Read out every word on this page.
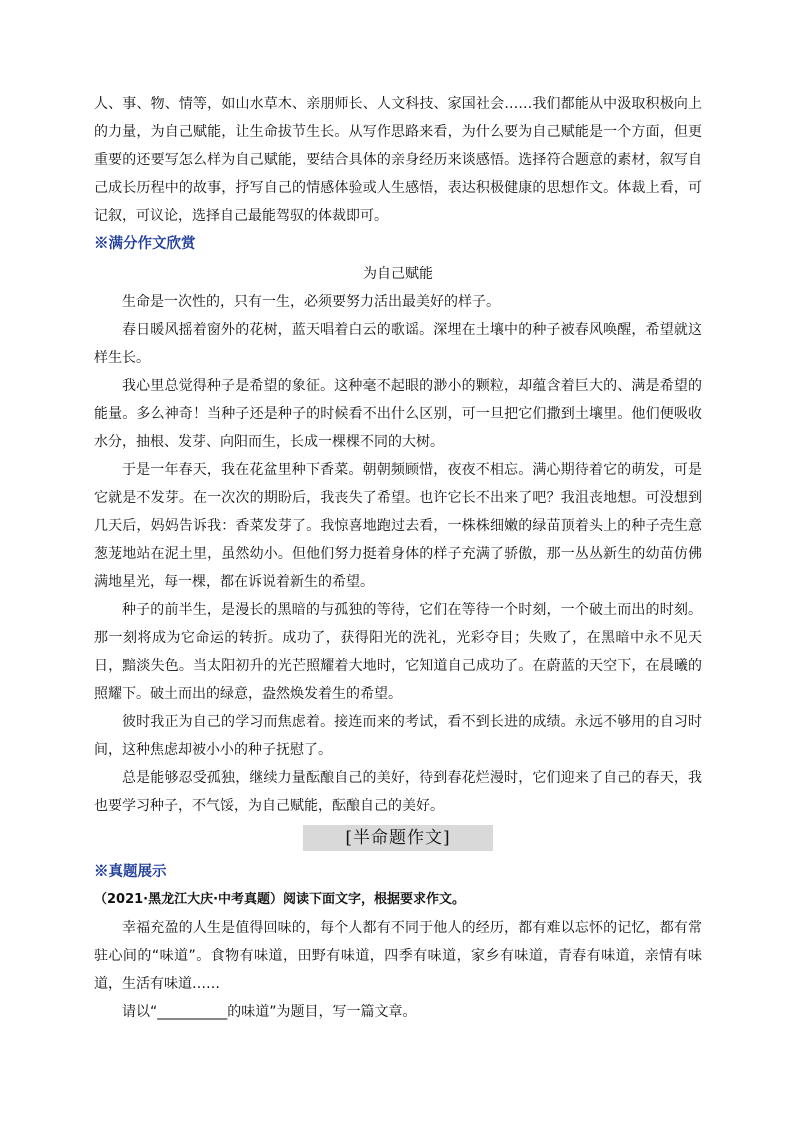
人、事、物、情等，如山水草木、亲朋师长、人文科技、家国社会……我们都能从中汲取积极向上的力量，为自己赋能，让生命拔节生长。从写作思路来看，为什么要为自己赋能是一个方面，但更重要的还要写怎么样为自己赋能，要结合具体的亲身经历来谈感悟。选择符合题意的素材，叙写自己成长历程中的故事，抒写自己的情感体验或人生感悟，表达积极健康的思想作文。体裁上看，可记叙，可议论，选择自己最能驾驭的体裁即可。

※满分作文欣赏
为自己赋能

生命是一次性的，只有一生，必须要努力活出最美好的样子。

春日暖风摇着窗外的花树，蓝天唱着白云的歌谣。深埋在土壤中的种子被春风唤醒，希望就这样生长。

我心里总觉得种子是希望的象征。这种毫不起眼的渺小的颗粒，却蕴含着巨大的、满是希望的能量。多么神奇！当种子还是种子的时候看不出什么区别，可一旦把它们撒到土壤里。他们便吸收水分，抽根、发芽、向阳而生，长成一棵棵不同的大树。

于是一年春天，我在花盆里种下香菜。朝朝频顾惜，夜夜不相忘。满心期待着它的萌发，可是它就是不发芽。在一次次的期盼后，我丧失了希望。也许它长不出来了吧？我沮丧地想。可没想到几天后，妈妈告诉我：香菜发芽了。我惊喜地跑过去看，一株株细嫩的绿苗顶着头上的种子壳生意葱茏地站在泥土里，虽然幼小。但他们努力挺着身体的样子充满了骄傲，那一丛丛新生的幼苗仿佛满地星光，每一棵，都在诉说着新生的希望。

种子的前半生，是漫长的黑暗的与孤独的等待，它们在等待一个时刻，一个破土而出的时刻。那一刻将成为它命运的转折。成功了，获得阳光的洗礼，光彩夺目；失败了，在黑暗中永不见天日，黯淡失色。当太阳初升的光芒照耀着大地时，它知道自己成功了。在蔚蓝的天空下，在晨曦的照耀下。破土而出的绿意，盎然焕发着生的希望。

彼时我正为自己的学习而焦虑着。接连而来的考试，看不到长进的成绩。永远不够用的自习时间，这种焦虑却被小小的种子抚慰了。

总是能够忍受孤独，继续力量酝酿自己的美好，待到春花烂漫时，它们迎来了自己的春天，我也要学习种子，不气馁，为自己赋能，酝酿自己的美好。

[半命题作文]
※真题展示
（2021·黑龙江大庆·中考真题）阅读下面文字，根据要求作文。

幸福充盈的人生是值得回味的，每个人都有不同于他人的经历，都有难以忘怀的记忆，都有常驻心间的“味道”。食物有味道，田野有味道，四季有味道，家乡有味道，青春有味道，亲情有味道，生活有味道……

请以“__________的味道”为题目，写一篇文章。
